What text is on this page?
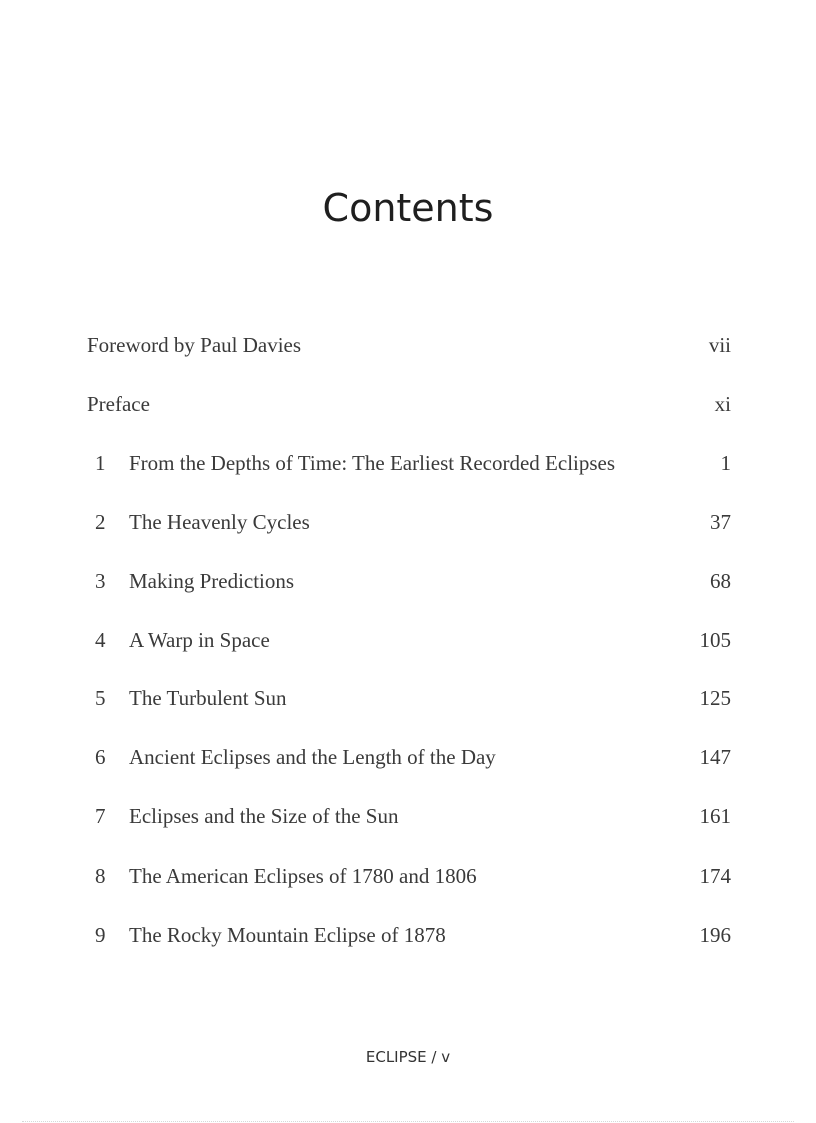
Contents
Foreword by Paul Davies	vii
Preface	xi
1 From the Depths of Time: The Earliest Recorded Eclipses	1
2 The Heavenly Cycles	37
3 Making Predictions	68
4 A Warp in Space	105
5 The Turbulent Sun	125
6 Ancient Eclipses and the Length of the Day	147
7 Eclipses and the Size of the Sun	161
8 The American Eclipses of 1780 and 1806	174
9 The Rocky Mountain Eclipse of 1878	196
ECLIPSE / v
